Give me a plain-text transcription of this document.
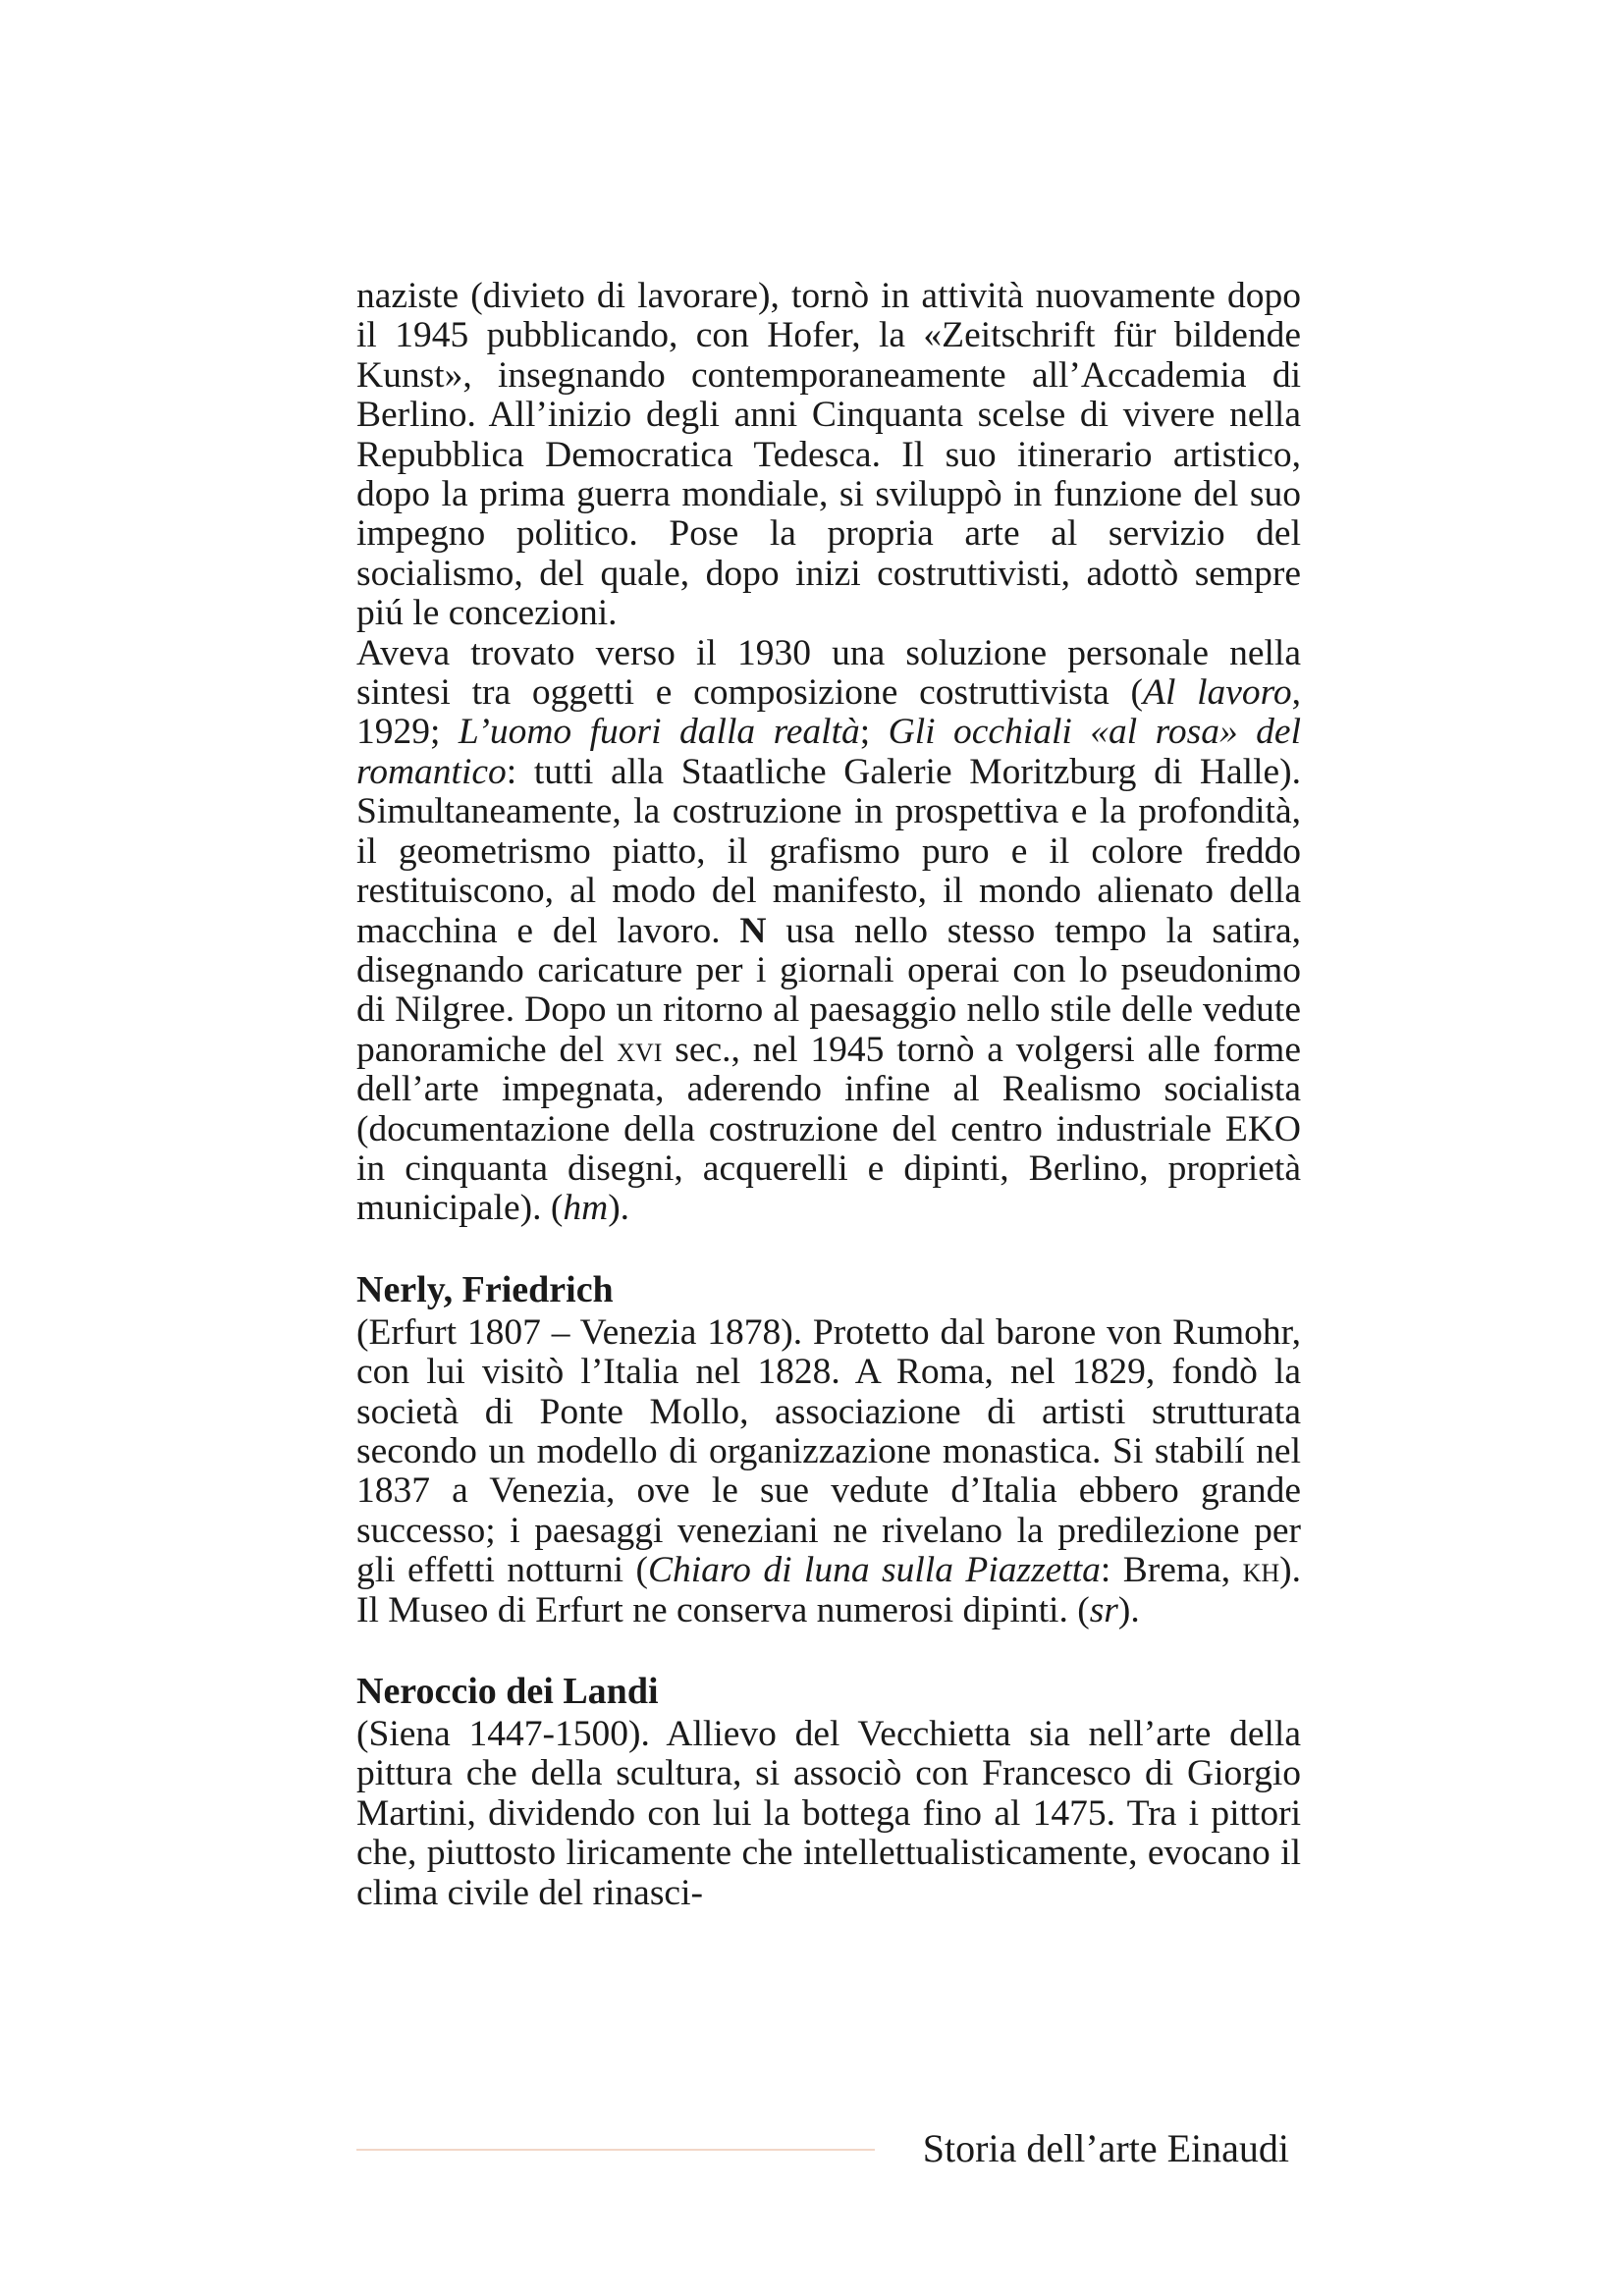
naziste (divieto di lavorare), tornò in attività nuovamente dopo il 1945 pubblicando, con Hofer, la «Zeitschrift für bildende Kunst», insegnando contemporaneamente all’Accademia di Berlino. All’inizio degli anni Cinquanta scelse di vivere nella Repubblica Democratica Tedesca. Il suo itinerario artistico, dopo la prima guerra mondiale, si sviluppò in funzione del suo impegno politico. Pose la propria arte al servizio del socialismo, del quale, dopo inizi costruttivisti, adottò sempre piú le concezioni.

Aveva trovato verso il 1930 una soluzione personale nella sintesi tra oggetti e composizione costruttivista (Al lavoro, 1929; L’uomo fuori dalla realtà; Gli occhiali «al rosa» del romantico: tutti alla Staatliche Galerie Moritzburg di Halle). Simultaneamente, la costruzione in prospettiva e la profondità, il geometrismo piatto, il grafismo puro e il colore freddo restituiscono, al modo del manifesto, il mondo alienato della macchina e del lavoro. N usa nello stesso tempo la satira, disegnando caricature per i giornali operai con lo pseudonimo di Nilgree. Dopo un ritorno al paesaggio nello stile delle vedute panoramiche del xvi sec., nel 1945 tornò a volgersi alle forme dell’arte impegnata, aderendo infine al Realismo socialista (documentazione della costruzione del centro industriale EKO in cinquanta disegni, acquerelli e dipinti, Berlino, proprietà municipale). (hm).

Nerly, Friedrich

(Erfurt 1807 – Venezia 1878). Protetto dal barone von Rumohr, con lui visitò l’Italia nel 1828. A Roma, nel 1829, fondò la società di Ponte Mollo, associazione di artisti strutturata secondo un modello di organizzazione monastica. Si stabilí nel 1837 a Venezia, ove le sue vedute d’Italia ebbero grande successo; i paesaggi veneziani ne rivelano la predilezione per gli effetti notturni (Chiaro di luna sulla Piazzetta: Brema, kh). Il Museo di Erfurt ne conserva numerosi dipinti. (sr).

Neroccio dei Landi

(Siena 1447-1500). Allievo del Vecchietta sia nell’arte della pittura che della scultura, si associò con Francesco di Giorgio Martini, dividendo con lui la bottega fino al 1475. Tra i pittori che, piuttosto liricamente che intellettualisticamente, evocano il clima civile del rinasci-

Storia dell’arte Einaudi
